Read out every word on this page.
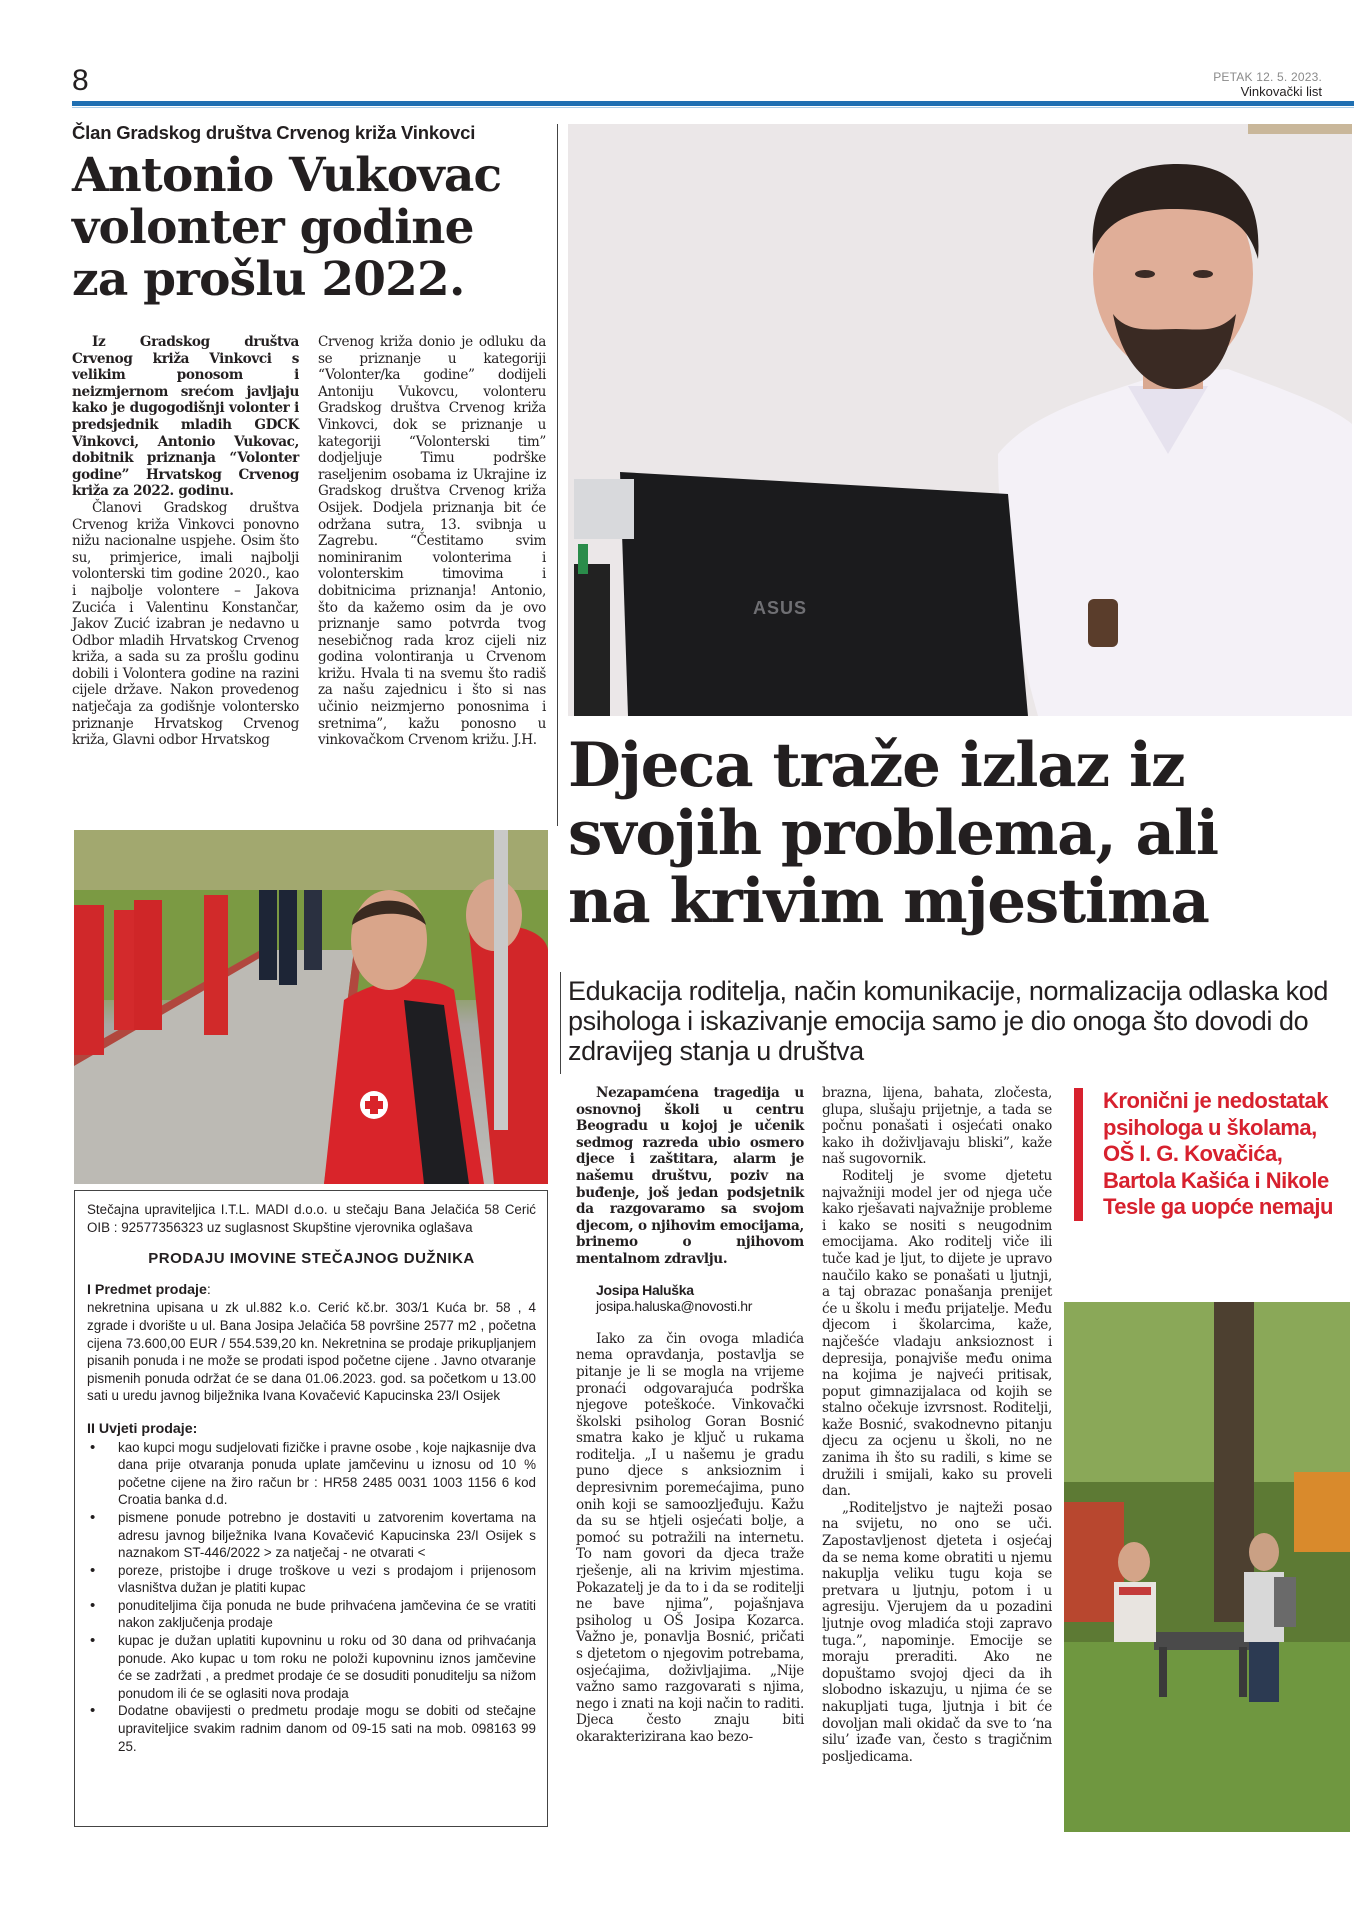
8	PETAK 12. 5. 2023.
Vinkovački list
Član Gradskog društva Crvenog križa Vinkovci
Antonio Vukovac
volonter godine
za prošlu 2022.

Iz Gradskog društva Crvenog križa Vinkovci s velikim ponosom i neizmjernom srećom javljaju kako je dugogodišnji volonter i predsjednik mladih GDCK Vinkovci, Antonio Vukovac, dobitnik priznanja “Volonter godine” Hrvatskog Crvenog križa za 2022. godinu.

Članovi Gradskog društva Crvenog križa Vinkovci ponovno nižu nacionalne uspjehe. Osim što su, primjerice, imali najbolji volonterski tim godine 2020., kao i najbolje volontere – Jakova Zucića i Valentinu Konstančar, Jakov Zucić izabran je nedavno u Odbor mladih Hrvatskog Crvenog križa, a sada su za prošlu godinu dobili i Volontera godine na razini cijele države. Nakon provedenog natječaja za godišnje volontersko priznanje Hrvatskog Crvenog križa, Glavni odbor Hrvatskog

Crvenog križa donio je odluku da se priznanje u kategoriji “Volonter/ka godine” dodijeli Antoniju Vukovcu, volonteru Gradskog društva Crvenog križa Vinkovci, dok se priznanje u kategoriji “Volonterski tim” dodjeljuje Timu podrške raseljenim osobama iz Ukrajine iz Gradskog društva Crvenog križa Osijek. Dodjela priznanja bit će održana sutra, 13. svibnja u Zagrebu. “Čestitamo svim nominiranim volonterima i volonterskim timovima i dobitnicima priznanja! Antonio, što da kažemo osim da je ovo priznanje samo potvrda tvog nesebičnog rada kroz cijeli niz godina volontiranja u Crvenom križu. Hvala ti na svemu što radiš za našu zajednicu i što si nas učinio neizmjerno ponosnima i sretnima”, kažu ponosno u vinkovačkom Crvenom križu. J.H.

ASUS
Stečajna upraviteljica I.T.L. MADI d.o.o. u stečaju Bana Jelačića 58 Cerić OIB : 92577356323 uz suglasnost Skupštine vjerovnika oglašava
PRODAJU IMOVINE STEČAJNOG DUŽNIKA
I Predmet prodaje:
nekretnina upisana u zk ul.882 k.o. Cerić kč.br. 303/1 Kuća br. 58 , 4 zgrade i dvorište u ul. Bana Josipa Jelačića 58 površine 2577 m2 , početna cijena 73.600,00 EUR / 554.539,20 kn. Nekretnina se prodaje prikupljanjem pisanih ponuda i ne može se prodati ispod početne cijene . Javno otvaranje pismenih ponuda održat će se dana 01.06.2023. god. sa početkom u 13.00 sati u uredu javnog bilježnika Ivana Kovačević Kapucinska 23/I Osijek
II Uvjeti prodaje:
• kao kupci mogu sudjelovati fizičke i pravne osobe , koje najkasnije dva dana prije otvaranja ponuda uplate jamčevinu u iznosu od 10 % početne cijene na žiro račun br : HR58 2485 0031 1003 1156 6 kod Croatia banka d.d.
• pismene ponude potrebno je dostaviti u zatvorenim kovertama na adresu javnog bilježnika Ivana Kovačević Kapucinska 23/I Osijek s naznakom ST-446/2022 > za natječaj - ne otvarati <
• poreze, pristojbe i druge troškove u vezi s prodajom i prijenosom vlasništva dužan je platiti kupac
• ponuditeljima čija ponuda ne bude prihvaćena jamčevina će se vratiti nakon zaključenja prodaje
• kupac je dužan uplatiti kupovninu u roku od 30 dana od prihvaćanja ponude. Ako kupac u tom roku ne položi kupovninu iznos jamčevine će se zadržati , a predmet prodaje će se dosuditi ponuditelju sa nižom ponudom ili će se oglasiti nova prodaja
• Dodatne obavijesti o predmetu prodaje mogu se dobiti od stečajne upraviteljice svakim radnim danom od 09-15 sati na mob. 098163 99 25.
Djeca traže izlaz iz
svojih problema, ali
na krivim mjestima
Edukacija roditelja, način komunikacije, normalizacija odlaska kod psihologa i iskazivanje emocija samo je dio onoga što dovodi do zdravijeg stanja u društva

Nezapamćena tragedija u osnovnoj školi u centru Beogradu u kojoj je učenik sedmog razreda ubio osmero djece i zaštitara, alarm je našemu društvu, poziv na buđenje, još jedan podsjetnik da razgovaramo sa svojom djecom, o njihovim emocijama, brinemo o njihovom mentalnom zdravlju.

Josipa Haluška

josipa.haluska@novosti.hr

Iako za čin ovoga mladića nema opravdanja, postavlja se pitanje je li se mogla na vrijeme pronaći odgovarajuća podrška njegove poteškoće. Vinkovački školski psiholog Goran Bosnić smatra kako je ključ u rukama roditelja. „I u našemu je gradu puno djece s anksioznim i depresivnim poremećajima, puno onih koji se samoozljeđuju. Kažu da su se htjeli osjećati bolje, a pomoć su potražili na internetu. To nam govori da djeca traže rješenje, ali na krivim mjestima. Pokazatelj je da to i da se roditelji ne bave njima”, pojašnjava psiholog u OŠ Josipa Kozarca. Važno je, ponavlja Bosnić, pričati s djetetom o njegovim potrebama, osjećajima, doživljajima. „Nije važno samo razgovarati s njima, nego i znati na koji način to raditi. Djeca često znaju biti okarakterizirana kao bezo-

brazna, lijena, bahata, zločesta, glupa, slušaju prijetnje, a tada se počnu ponašati i osjećati onako kako ih doživljavaju bliski”, kaže naš sugovornik.

Roditelj je svome djetetu najvažniji model jer od njega uče kako rješavati najvažnije probleme i kako se nositi s neugodnim emocijama. Ako roditelj viče ili tuče kad je ljut, to dijete je upravo naučilo kako se ponašati u ljutnji, a taj obrazac ponašanja prenijet će u školu i među prijatelje. Među djecom i školarcima, kaže, najčešće vladaju anksioznost i depresija, ponajviše među onima na kojima je najveći pritisak, poput gimnazijalaca od kojih se stalno očekuje izvrsnost. Roditelji, kaže Bosnić, svakodnevno pitanju djecu za ocjenu u školi, no ne zanima ih što su radili, s kime se družili i smijali, kako su proveli dan.

„Roditeljstvo je najteži posao na svijetu, no ono se uči. Zapostavljenost djeteta i osjećaj da se nema kome obratiti u njemu nakuplja veliku tugu koja se pretvara u ljutnju, potom i u agresiju. Vjerujem da u pozadini ljutnje ovog mladića stoji zapravo tuga.”, napominje. Emocije se moraju preraditi. Ako ne dopuštamo svojoj djeci da ih slobodno iskazuju, u njima će se nakupljati tuga, ljutnja i bit će dovoljan mali okidač da sve to ‘na silu’ izađe van, često s tragičnim posljedicama.

Kronični je nedostatak psihologa u školama, OŠ I. G. Kovačića, Bartola Kašića i Nikole Tesle ga uopće nemaju
